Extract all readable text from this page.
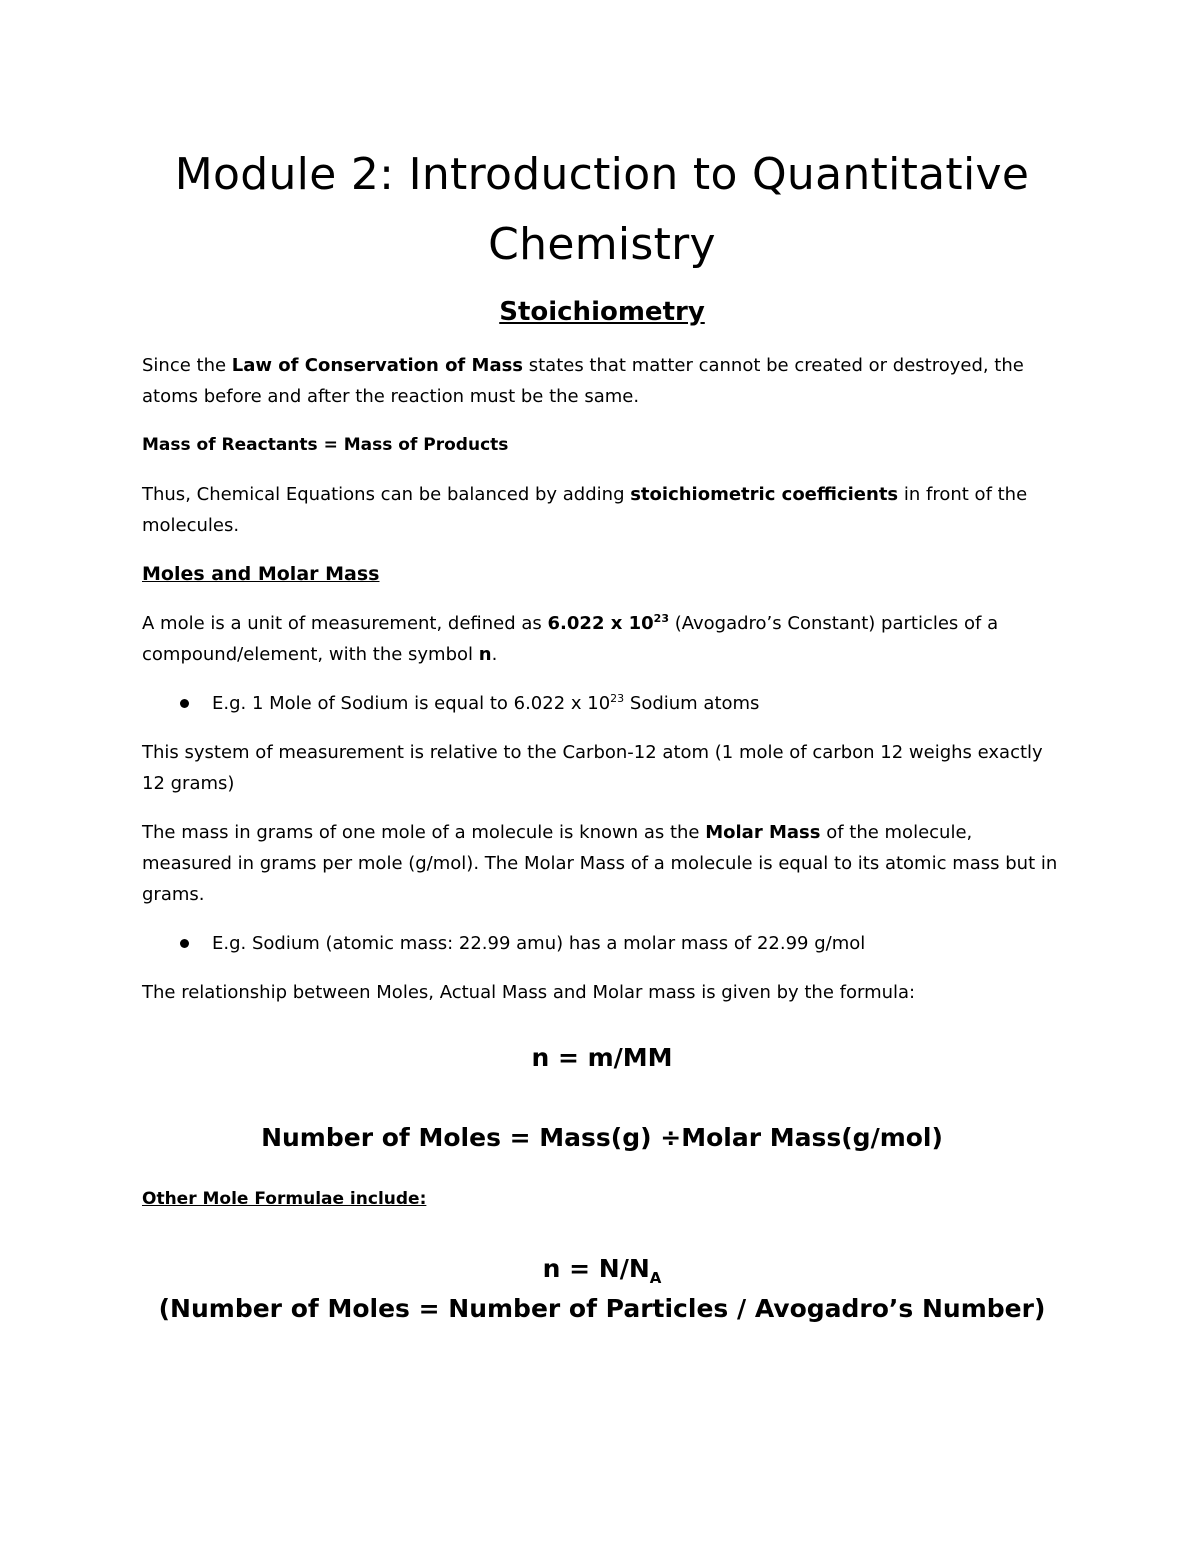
Module 2: Introduction to Quantitative
Chemistry
Stoichiometry

Since the Law of Conservation of Mass states that matter cannot be created or destroyed, the atoms before and after the reaction must be the same.

Mass of Reactants = Mass of Products

Thus, Chemical Equations can be balanced by adding stoichiometric coefficients in front of the molecules.

Moles and Molar Mass

A mole is a unit of measurement, defined as 6.022 x $10^{23}$ (Avogadro’s Constant) particles of a compound/element, with the symbol n.

E.g. 1 Mole of Sodium is equal to 6.022 x $10^{23}$ Sodium atoms

This system of measurement is relative to the Carbon-12 atom (1 mole of carbon 12 weighs exactly 12 grams)

The mass in grams of one mole of a molecule is known as the Molar Mass of the molecule, measured in grams per mole (g/mol). The Molar Mass of a molecule is equal to its atomic mass but in grams.

E.g. Sodium (atomic mass: 22.99 amu) has a molar mass of 22.99 g/mol

The relationship between Moles, Actual Mass and Molar mass is given by the formula:

n = m/MM

Number of Moles = Mass(g) ÷Molar Mass(g/mol)

Other Mole Formulae include:

$n = N/N_A$

(Number of Moles = Number of Particles / Avogadro’s Number)
